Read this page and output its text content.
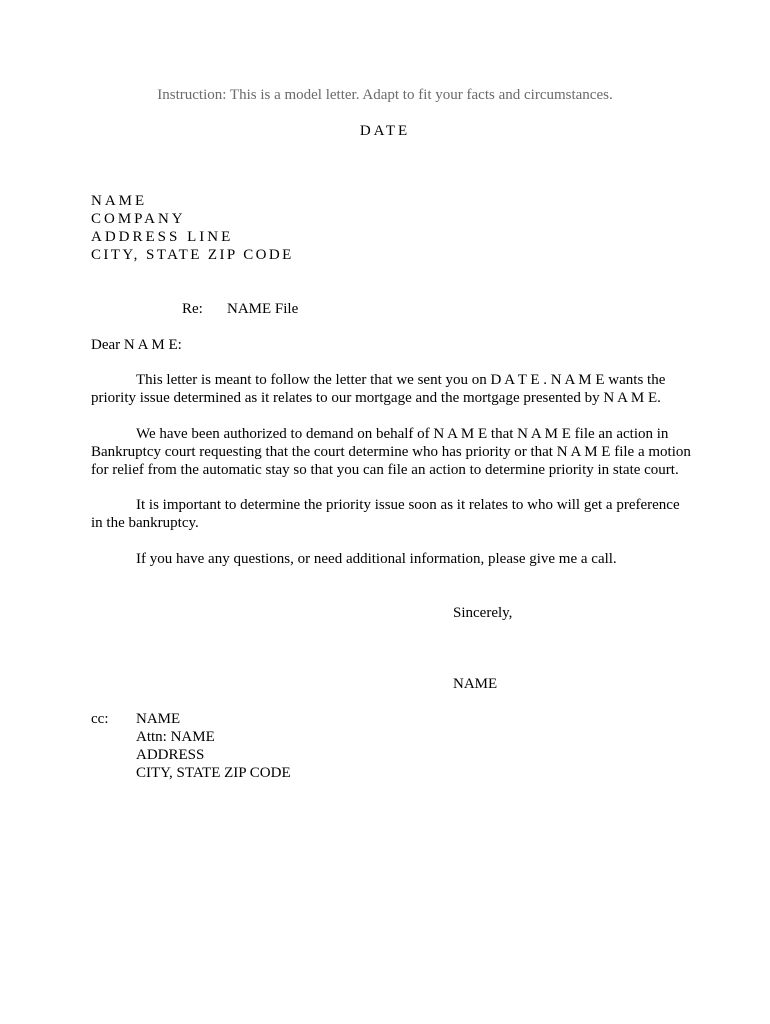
Instruction: This is a model letter. Adapt to fit your facts and circumstances.
DATE
NAME
COMPANY
ADDRESS LINE
CITY, STATE ZIP CODE
Re: NAME File
Dear N A M E:
This letter is meant to follow the letter that we sent you on D A T E . N A M E wants the
priority issue determined as it relates to our mortgage and the mortgage presented by N A M E.
We have been authorized to demand on behalf of N A M E that N A M E file an action in
Bankruptcy court requesting that the court determine who has priority or that N A M E file a motion
for relief from the automatic stay so that you can file an action to determine priority in state court.
It is important to determine the priority issue soon as it relates to who will get a preference
in the bankruptcy.
If you have any questions, or need additional information, please give me a call.
Sincerely,
NAME
cc: NAME
Attn: NAME
ADDRESS
CITY, STATE ZIP CODE
